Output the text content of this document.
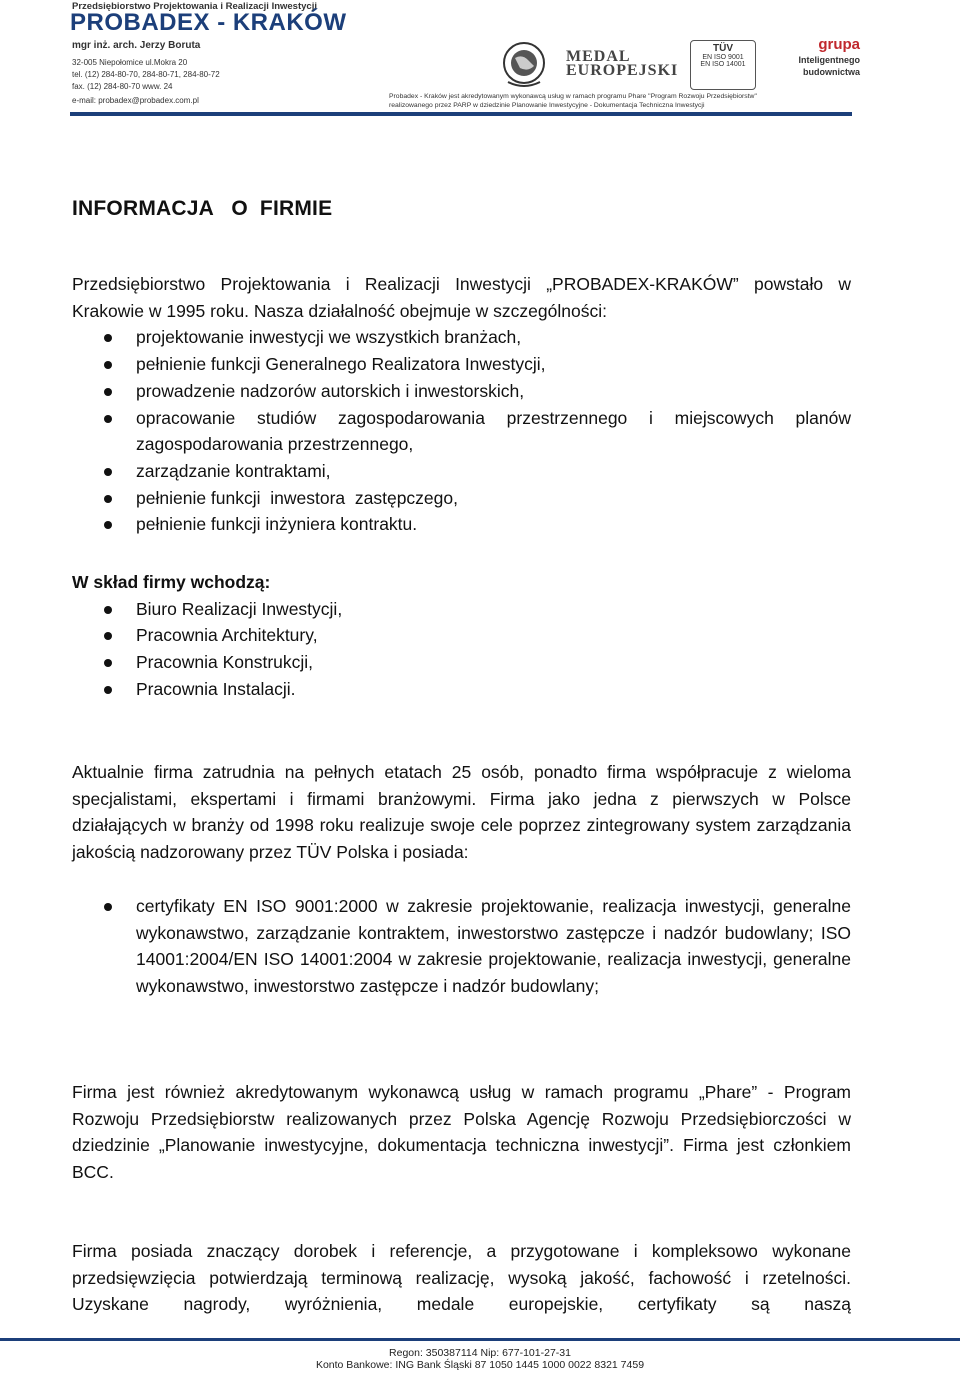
Przedsiębiorstwo Projektowania i Realizacji Inwestycji
PROBADEX - KRAKÓW
mgr inż. arch. Jerzy Boruta
32-005 Niepołomice ul.Mokra 20
tel. (12) 284-80-70, 284-80-71, 284-80-72
fax. (12) 284-80-70 www. 24
e-mail: probadex@probadex.com.pl
MEDAL
EUROPEJSKI
TÜV
EN ISO 9001
EN ISO 14001
grupa
Inteligentnego
budownictwa
Probadex - Kraków jest akredytowanym wykonawcą usług w ramach programu Phare "Program Rozwoju Przedsiębiorstw"
realizowanego przez PARP w dziedzinie Planowanie Inwestycyjne - Dokumentacja Techniczna Inwestycji
INFORMACJA   O  FIRMIE

Przedsiębiorstwo Projektowania i Realizacji Inwestycji „PROBADEX-KRAKÓW” powstało w Krakowie w 1995 roku. Nasza działalność obejmuje w szczególności:

projektowanie inwestycji we wszystkich branżach,
pełnienie funkcji Generalnego Realizatora Inwestycji,
prowadzenie nadzorów autorskich i inwestorskich,
opracowanie studiów zagospodarowania przestrzennego i miejscowych planów zagospodarowania przestrzennego,
zarządzanie kontraktami,
pełnienie funkcji  inwestora  zastępczego,
pełnienie funkcji inżyniera kontraktu.

W skład firmy wchodzą:

Biuro Realizacji Inwestycji,
Pracownia Architektury,
Pracownia Konstrukcji,
Pracownia Instalacji.

Aktualnie firma zatrudnia na pełnych etatach 25 osób, ponadto firma współpracuje z wieloma specjalistami, ekspertami i firmami branżowymi. Firma jako jedna z pierwszych w Polsce działających w branży od 1998 roku realizuje swoje cele poprzez zintegrowany system zarządzania jakością nadzorowany przez TÜV Polska i posiada:

certyfikaty EN ISO 9001:2000 w zakresie projektowanie, realizacja inwestycji, generalne wykonawstwo, zarządzanie kontraktem, inwestorstwo zastępcze i nadzór budowlany; ISO 14001:2004/EN ISO 14001:2004 w zakresie projektowanie, realizacja inwestycji, generalne wykonawstwo, inwestorstwo zastępcze i nadzór budowlany;

Firma jest również akredytowanym wykonawcą usług w ramach programu „Phare” - Program Rozwoju Przedsiębiorstw realizowanych przez Polska Agencję Rozwoju Przedsiębiorczości w dziedzinie „Planowanie inwestycyjne, dokumentacja techniczna inwestycji”. Firma jest członkiem BCC.

Firma posiada znaczący dorobek i referencje, a przygotowane i kompleksowo wykonane przedsięwzięcia potwierdzają terminową realizację, wysoką jakość, fachowość i rzetelności. Uzyskane nagrody, wyróżnienia, medale europejskie, certyfikaty są naszą

Regon: 350387114 Nip: 677-101-27-31
Konto Bankowe: ING Bank Śląski 87 1050 1445 1000 0022 8321 7459
